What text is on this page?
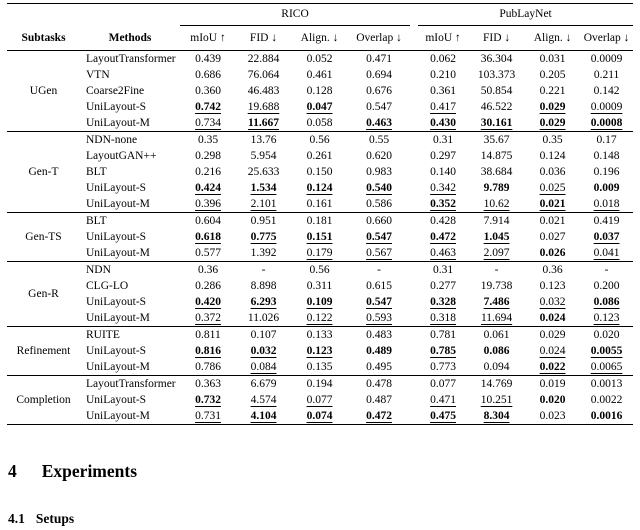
		RICO					PubLayNet			
Subtasks	Methods	mIoU ↑	FID ↓	Align. ↓	Overlap ↓		mIoU ↑	FID ↓	Align. ↓	Overlap ↓
UGen	LayoutTransformer	0.439	22.884	0.052	0.471		0.062	36.304	0.031	0.0009
	VTN	0.686	76.064	0.461	0.694		0.210	103.373	0.205	0.211
	Coarse2Fine	0.360	46.483	0.128	0.676		0.361	50.854	0.221	0.142
	UniLayout-S	0.742	19.688	0.047	0.547		0.417	46.522	0.029	0.0009
	UniLayout-M	0.734	11.667	0.058	0.463		0.430	30.161	0.029	0.0008
Gen-T	NDN-none	0.35	13.76	0.56	0.55		0.31	35.67	0.35	0.17
	LayoutGAN++	0.298	5.954	0.261	0.620		0.297	14.875	0.124	0.148
	BLT	0.216	25.633	0.150	0.983		0.140	38.684	0.036	0.196
	UniLayout-S	0.424	1.534	0.124	0.540		0.342	9.789	0.025	0.009
	UniLayout-M	0.396	2.101	0.161	0.586		0.352	10.62	0.021	0.018
Gen-TS	BLT	0.604	0.951	0.181	0.660		0.428	7.914	0.021	0.419
	UniLayout-S	0.618	0.775	0.151	0.547		0.472	1.045	0.027	0.037
	UniLayout-M	0.577	1.392	0.179	0.567		0.463	2.097	0.026	0.041
Gen-R	NDN	0.36	-	0.56	-		0.31	-	0.36	-
	CLG-LO	0.286	8.898	0.311	0.615		0.277	19.738	0.123	0.200
	UniLayout-S	0.420	6.293	0.109	0.547		0.328	7.486	0.032	0.086
	UniLayout-M	0.372	11.026	0.122	0.593		0.318	11.694	0.024	0.123
Refinement	RUITE	0.811	0.107	0.133	0.483		0.781	0.061	0.029	0.020
	UniLayout-S	0.816	0.032	0.123	0.489		0.785	0.086	0.024	0.0055
	UniLayout-M	0.786	0.084	0.135	0.495		0.773	0.094	0.022	0.0065
Completion	LayoutTransformer	0.363	6.679	0.194	0.478		0.077	14.769	0.019	0.0013
	UniLayout-S	0.732	4.574	0.077	0.487		0.471	10.251	0.020	0.0022
	UniLayout-M	0.731	4.104	0.074	0.472		0.475	8.304	0.023	0.0016
4 Experiments
4.1 Setups
